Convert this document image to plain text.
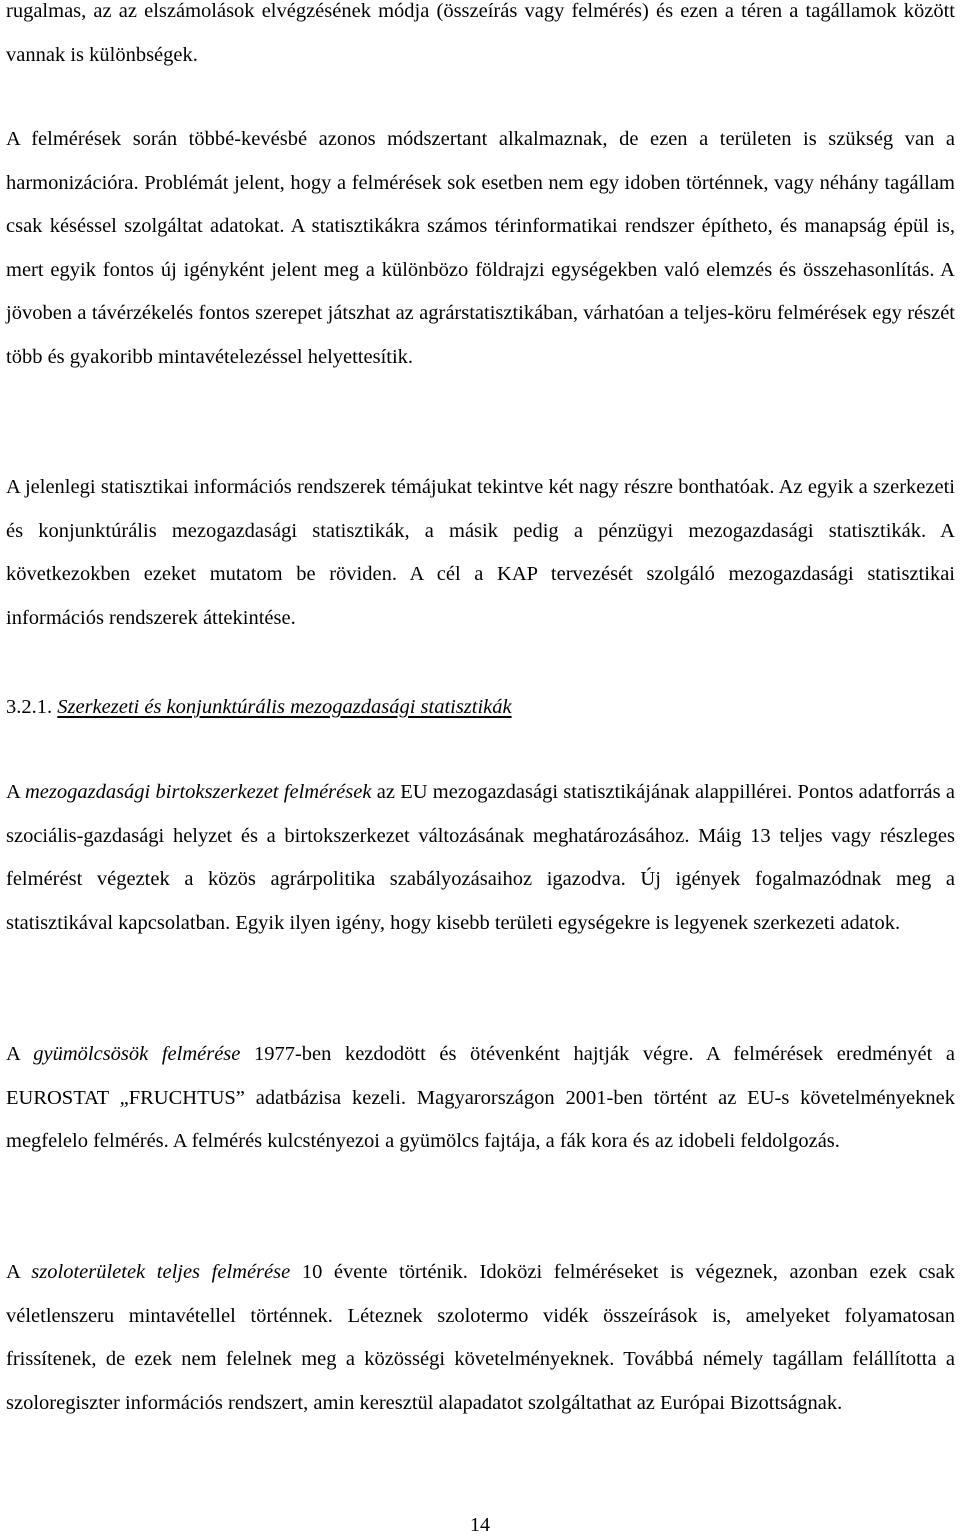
rugalmas, az az elszámolások elvégzésének módja (összeírás vagy felmérés) és ezen a téren a tagállamok között vannak is különbségek.

A felmérések során többé-kevésbé azonos módszertant alkalmaznak, de ezen a területen is szükség van a harmonizációra. Problémát jelent, hogy a felmérések sok esetben nem egy idoben történnek, vagy néhány tagállam csak késéssel szolgáltat adatokat. A statisztikákra számos térinformatikai rendszer építheto, és manapság épül is, mert egyik fontos új igényként jelent meg a különbözo földrajzi egységekben való elemzés és összehasonlítás. A jövoben a távérzékelés fontos szerepet játszhat az agrárstatisztikában, várhatóan a teljes-köru felmérések egy részét több és gyakoribb mintavételezéssel helyettesítik.

A jelenlegi statisztikai információs rendszerek témájukat tekintve két nagy részre bonthatóak. Az egyik a szerkezeti és konjunktúrális mezogazdasági statisztikák, a másik pedig a pénzügyi mezogazdasági statisztikák. A következokben ezeket mutatom be röviden. A cél a KAP tervezését szolgáló mezogazdasági statisztikai információs rendszerek áttekintése.

3.2.1. Szerkezeti és konjunktúrális mezogazdasági statisztikák

A mezogazdasági birtokszerkezet felmérések az EU mezogazdasági statisztikájának alappillérei. Pontos adatforrás a szociális-gazdasági helyzet és a birtokszerkezet változásának meghatározásához. Máig 13 teljes vagy részleges felmérést végeztek a közös agrárpolitika szabályozásaihoz igazodva. Új igények fogalmazódnak meg a statisztikával kapcsolatban. Egyik ilyen igény, hogy kisebb területi egységekre is legyenek szerkezeti adatok.

A gyümölcsösök felmérése 1977-ben kezdodött és ötévenként hajtják végre. A felmérések eredményét a EUROSTAT „FRUCHTUS” adatbázisa kezeli. Magyarországon 2001-ben történt az EU-s követelményeknek megfelelo felmérés. A felmérés kulcstényezoi a gyümölcs fajtája, a fák kora és az idobeli feldolgozás.

A szoloterületek teljes felmérése 10 évente történik. Idoközi felméréseket is végeznek, azonban ezek csak véletlenszeru mintavétellel történnek. Léteznek szolotermo vidék összeírások is, amelyeket folyamatosan frissítenek, de ezek nem felelnek meg a közösségi követelményeknek. Továbbá némely tagállam felállította a szoloregiszter információs rendszert, amin keresztül alapadatot szolgáltathat az Európai Bizottságnak.

14
